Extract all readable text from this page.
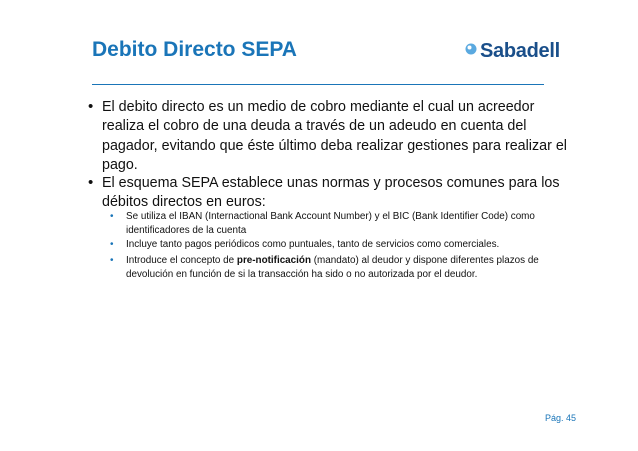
Debito Directo SEPA	Sabadell
• El debito directo es un medio de cobro mediante el cual un acreedor realiza el cobro de una deuda a través de un adeudo en cuenta del pagador, evitando que éste último deba realizar gestiones para realizar el pago.
• El esquema SEPA establece unas normas y procesos comunes para los débitos directos en euros:
• Se utiliza el IBAN (Internactional Bank Account Number) y el BIC (Bank Identifier Code) como identificadores de la cuenta
• Incluye tanto pagos periódicos como puntuales, tanto de servicios como comerciales.
• Introduce el concepto de pre-notificación (mandato) al deudor y dispone diferentes plazos de devolución en función de si la transacción ha sido o no autorizada por el deudor.
Pág. 45
